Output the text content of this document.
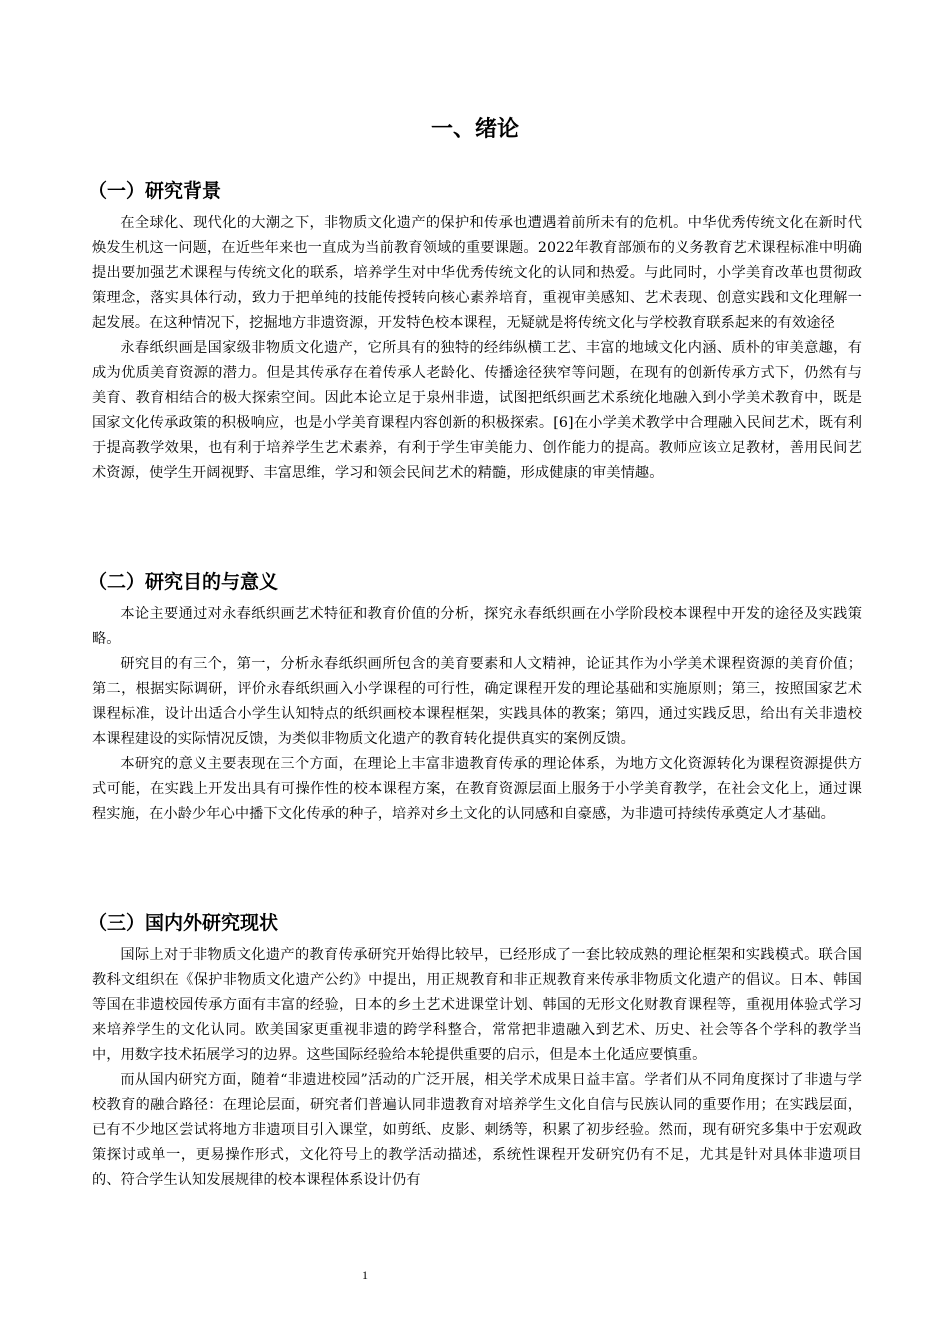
一、绪论
（一）研究背景

在全球化、现代化的大潮之下，非物质文化遗产的保护和传承也遭遇着前所未有的危机。中华优秀传统文化在新时代焕发生机这一问题，在近些年来也一直成为当前教育领域的重要课题。2022年教育部颁布的义务教育艺术课程标准中明确提出要加强艺术课程与传统文化的联系，培养学生对中华优秀传统文化的认同和热爱。与此同时，小学美育改革也贯彻政策理念，落实具体行动，致力于把单纯的技能传授转向核心素养培育，重视审美感知、艺术表现、创意实践和文化理解一起发展。在这种情况下，挖掘地方非遗资源，开发特色校本课程，无疑就是将传统文化与学校教育联系起来的有效途径

永春纸织画是国家级非物质文化遗产，它所具有的独特的经纬纵横工艺、丰富的地域文化内涵、质朴的审美意趣，有成为优质美育资源的潜力。但是其传承存在着传承人老龄化、传播途径狭窄等问题，在现有的创新传承方式下，仍然有与美育、教育相结合的极大探索空间。因此本论立足于泉州非遗，试图把纸织画艺术系统化地融入到小学美术教育中，既是国家文化传承政策的积极响应，也是小学美育课程内容创新的积极探索。[6]在小学美术教学中合理融入民间艺术，既有利于提高教学效果，也有利于培养学生艺术素养，有利于学生审美能力、创作能力的提高。教师应该立足教材，善用民间艺术资源，使学生开阔视野、丰富思维，学习和领会民间艺术的精髓，形成健康的审美情趣。

（二）研究目的与意义

本论主要通过对永春纸织画艺术特征和教育价值的分析，探究永春纸织画在小学阶段校本课程中开发的途径及实践策略。

研究目的有三个，第一，分析永春纸织画所包含的美育要素和人文精神，论证其作为小学美术课程资源的美育价值；第二，根据实际调研，评价永春纸织画入小学课程的可行性，确定课程开发的理论基础和实施原则；第三，按照国家艺术课程标准，设计出适合小学生认知特点的纸织画校本课程框架，实践具体的教案；第四，通过实践反思，给出有关非遗校本课程建设的实际情况反馈，为类似非物质文化遗产的教育转化提供真实的案例反馈。

本研究的意义主要表现在三个方面，在理论上丰富非遗教育传承的理论体系，为地方文化资源转化为课程资源提供方式可能，在实践上开发出具有可操作性的校本课程方案，在教育资源层面上服务于小学美育教学，在社会文化上，通过课程实施，在小龄少年心中播下文化传承的种子，培养对乡土文化的认同感和自豪感，为非遗可持续传承奠定人才基础。

（三）国内外研究现状

国际上对于非物质文化遗产的教育传承研究开始得比较早，已经形成了一套比较成熟的理论框架和实践模式。联合国教科文组织在《保护非物质文化遗产公约》中提出，用正规教育和非正规教育来传承非物质文化遗产的倡议。日本、韩国等国在非遗校园传承方面有丰富的经验，日本的乡土艺术进课堂计划、韩国的无形文化财教育课程等，重视用体验式学习来培养学生的文化认同。欧美国家更重视非遗的跨学科整合，常常把非遗融入到艺术、历史、社会等各个学科的教学当中，用数字技术拓展学习的边界。这些国际经验给本轮提供重要的启示，但是本土化适应要慎重。

而从国内研究方面，随着“非遗进校园”活动的广泛开展，相关学术成果日益丰富。学者们从不同角度探讨了非遗与学校教育的融合路径：在理论层面，研究者们普遍认同非遗教育对培养学生文化自信与民族认同的重要作用；在实践层面，已有不少地区尝试将地方非遗项目引入课堂，如剪纸、皮影、刺绣等，积累了初步经验。然而，现有研究多集中于宏观政策探讨或单一，更易操作形式，文化符号上的教学活动描述，系统性课程开发研究仍有不足，尤其是针对具体非遗项目的、符合学生认知发展规律的校本课程体系设计仍有

1
